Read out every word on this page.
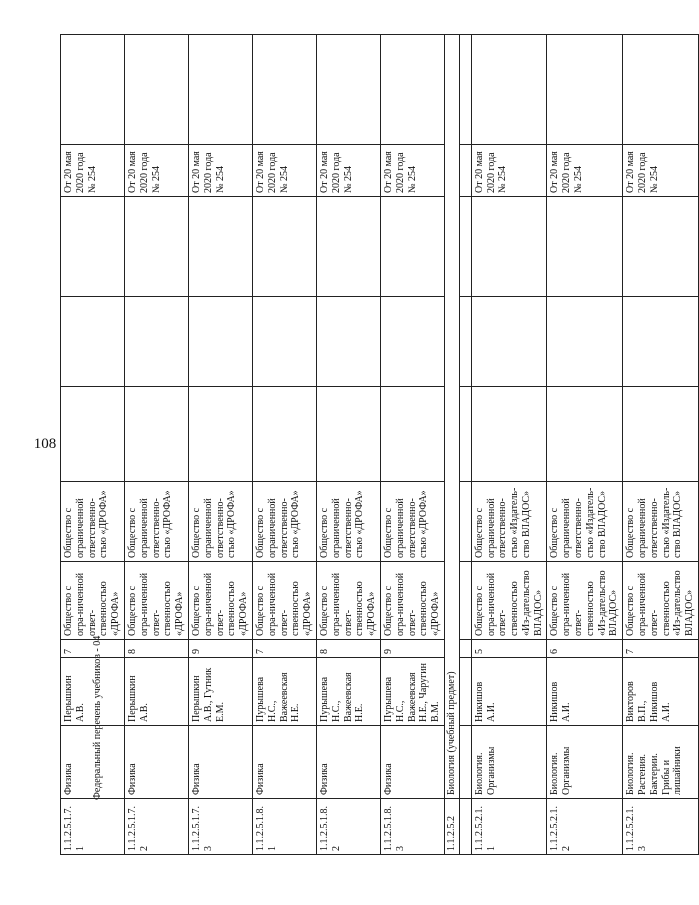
108
Федеральный перечень учебников - 04
1.1.2.5.1.7.1	Физика	Перышкин А.В.	7	Общество с огра-ниченной ответ-ственностью «ДРОФА»	Общество с ограниченной ответственно-стью «ДРОФА»				От 20 мая 2020 года № 254	
1.1.2.5.1.7.2	Физика	Перышкин А.В.	8	Общество с огра-ниченной ответ-ственностью «ДРОФА»	Общество с ограниченной ответственно-стью «ДРОФА»				От 20 мая 2020 года № 254	
1.1.2.5.1.7.3	Физика	Перышкин А.В., Гутник Е.М.	9	Общество с огра-ниченной ответ-ственностью «ДРОФА»	Общество с ограниченной ответственно-стью «ДРОФА»				От 20 мая 2020 года № 254	
1.1.2.5.1.8.1	Физика	Пурышева Н.С., Важеевская Н.Е.	7	Общество с огра-ниченной ответ-ственностью «ДРОФА»	Общество с ограниченной ответственно-стью «ДРОФА»				От 20 мая 2020 года № 254	
1.1.2.5.1.8.2	Физика	Пурышева Н.С., Важеевская Н.Е.	8	Общество с огра-ниченной ответ-ственностью «ДРОФА»	Общество с ограниченной ответственно-стью «ДРОФА»				От 20 мая 2020 года № 254	
1.1.2.5.1.8.3	Физика	Пурышева Н.С., Важеевская Н.Е., Чаругин В.М.	9	Общество с огра-ниченной ответ-ственностью «ДРОФА»	Общество с ограниченной ответственно-стью «ДРОФА»				От 20 мая 2020 года № 254	
1.1.2.5.2	Биология (учебный предмет)									

1.1.2.5.2.1.1	Биология. Организмы	Никишов А.И.	5	Общество с огра-ниченной ответ-ственностью «Из-дательство ВЛАДОС»	Общество с ограниченной ответственно-стью «Издатель-ство ВЛАДОС»				От 20 мая 2020 года № 254	
1.1.2.5.2.1.2	Биология. Организмы	Никишов А.И.	6	Общество с огра-ниченной ответ-ственностью «Из-дательство ВЛАДОС»	Общество с ограниченной ответственно-стью «Издатель-ство ВЛАДОС»				От 20 мая 2020 года № 254	
1.1.2.5.2.1.3	Биология. Растения. Бактерии. Грибы и лишайники	Викторов В.П., Никишов А.И.	7	Общество с огра-ниченной ответ-ственностью «Из-дательство ВЛАДОС»	Общество с ограниченной ответственно-стью «Издатель-ство ВЛАДОС»				От 20 мая 2020 года № 254	
